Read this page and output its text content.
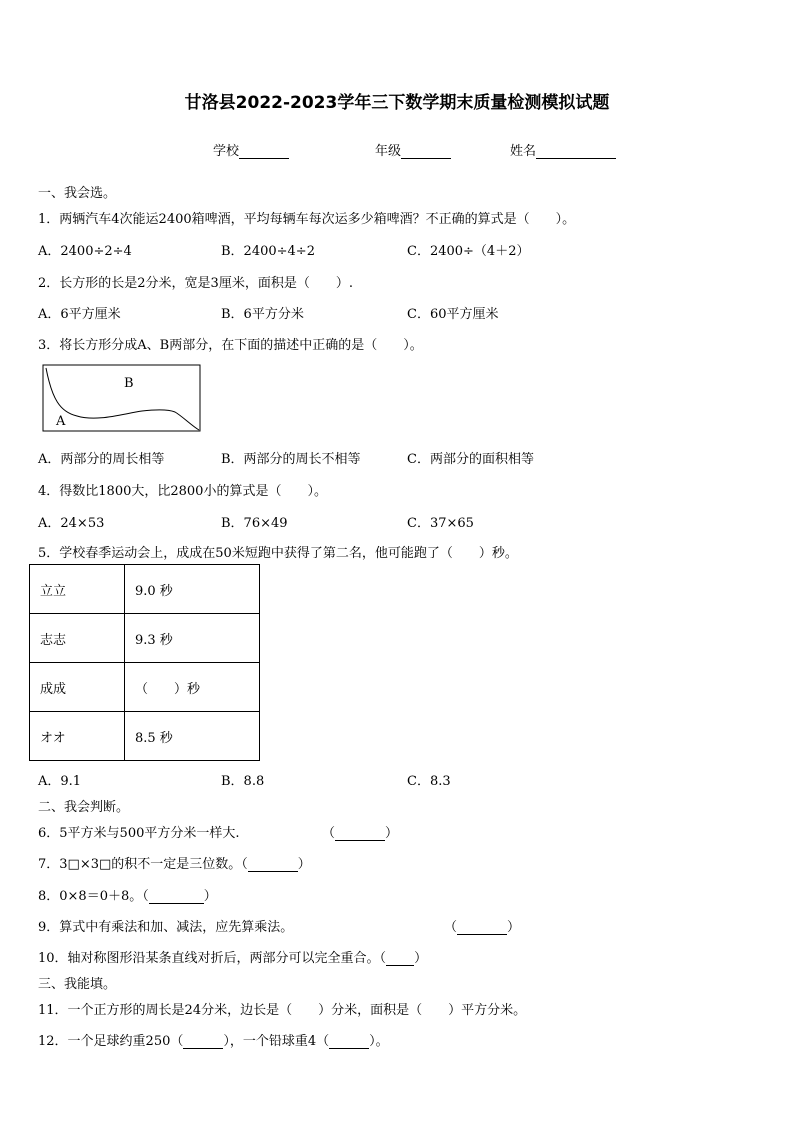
甘洛县2022-2023学年三下数学期末质量检测模拟试题
学校	年级	姓名
一、我会选。
1．两辆汽车4次能运2400箱啤酒，平均每辆车每次运多少箱啤酒？不正确的算式是（　　）。
A．2400÷2÷4	B．2400÷4÷2	C．2400÷（4＋2）
2．长方形的长是2分米，宽是3厘米，面积是（　　）.
A．6平方厘米	B．6平方分米	C．60平方厘米
3．将长方形分成A、B两部分，在下面的描述中正确的是（　　）。
B
A
A．两部分的周长相等	B．两部分的周长不相等	C．两部分的面积相等
4．得数比1800大，比2800小的算式是（　　）。
A．24×53	B．76×49	C．37×65
5．学校春季运动会上，成成在50米短跑中获得了第二名，他可能跑了（　　）秒。
立立	9.0 秒
志志	9.3 秒
成成	（　　）秒
オオ	8.5 秒
A．9.1	B．8.8	C．8.3
二、我会判断。
6．5平方米与500平方分米一样大.	（	）
7．3□×3□的积不一定是三位数。（	）
8．0×8＝0＋8。（	）
9．算式中有乘法和加、减法，应先算乘法。	（	）
10．轴对称图形沿某条直线对折后，两部分可以完全重合。（ ）
三、我能填。
11．一个正方形的周长是24分米，边长是（　　）分米，面积是（　　）平方分米。
12．一个足球约重250（	），一个铅球重4（	）。
